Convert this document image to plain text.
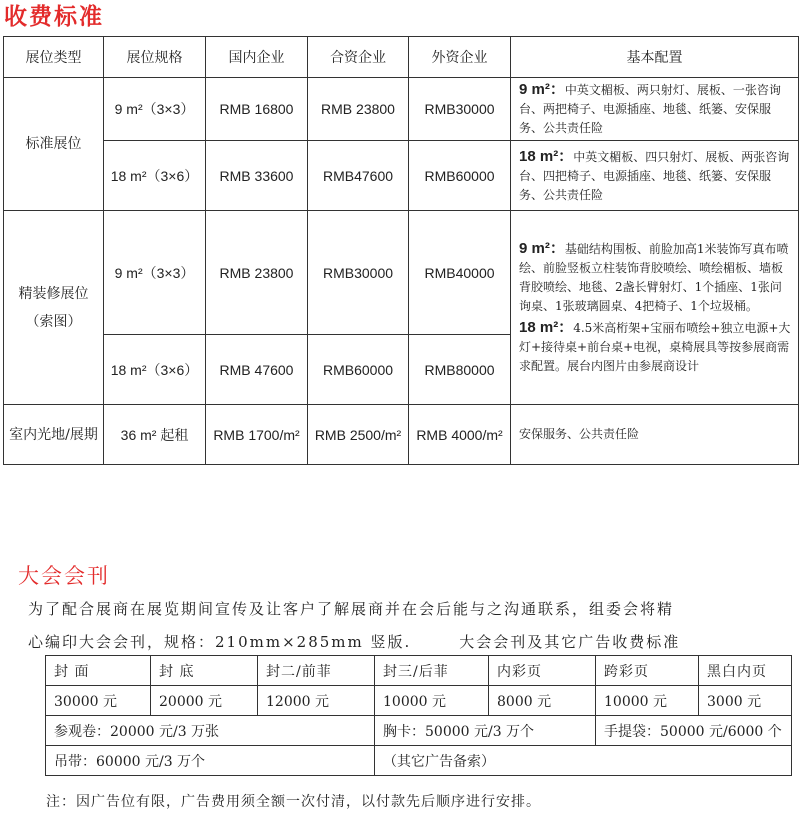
收费标准
展位类型	展位规格	国内企业	合资企业	外资企业	基本配置
标准展位	9 m²（3×3）	RMB 16800	RMB 23800	RMB30000	9 m²：中英文楣板、两只射灯、展板、一张咨询台、两把椅子、电源插座、地毯、纸篓、安保服务、公共责任险
	18 m²（3×6）	RMB 33600	RMB47600	RMB60000	18 m²：中英文楣板、四只射灯、展板、两张咨询台、四把椅子、电源插座、地毯、纸篓、安保服务、公共责任险
精装修展位（索图）	9 m²（3×3）	RMB 23800	RMB30000	RMB40000	9 m²：基础结构围板、前脸加高1米装饰写真布喷绘、前脸竖板立柱装饰背胶喷绘、喷绘楣板、墙板背胶喷绘、地毯、2盏长臂射灯、1个插座、1张问询桌、1张玻璃圆桌、4把椅子、1个垃圾桶。
18 m²：4.5米高桁架+宝丽布喷绘+独立电源+大灯+接待桌+前台桌+电视，桌椅展具等按参展商需求配置。展台内图片由参展商设计

	18 m²（3×6）	RMB 47600	RMB60000	RMB80000	
室内光地/展期	36 m² 起租	RMB 1700/m²	RMB 2500/m²	RMB 4000/m²	安保服务、公共责任险
大会会刊
为了配合展商在展览期间宣传及让客户了解展商并在会后能与之沟通联系，组委会将精
心编印大会会刊，规格：210mm×285mm 竖版.	大会会刊及其它广告收费标准
封 面	封 底	封二/前菲	封三/后菲	内彩页	跨彩页	黑白内页
30000 元	20000 元	12000 元	10000 元	8000 元	10000 元	3000 元
参观卷：20000 元/3 万张			胸卡：50000 元/3 万个		手提袋：50000 元/6000 个	
吊带：60000 元/3 万个			（其它广告备索）			
注：因广告位有限，广告费用须全额一次付清，以付款先后顺序进行安排。
